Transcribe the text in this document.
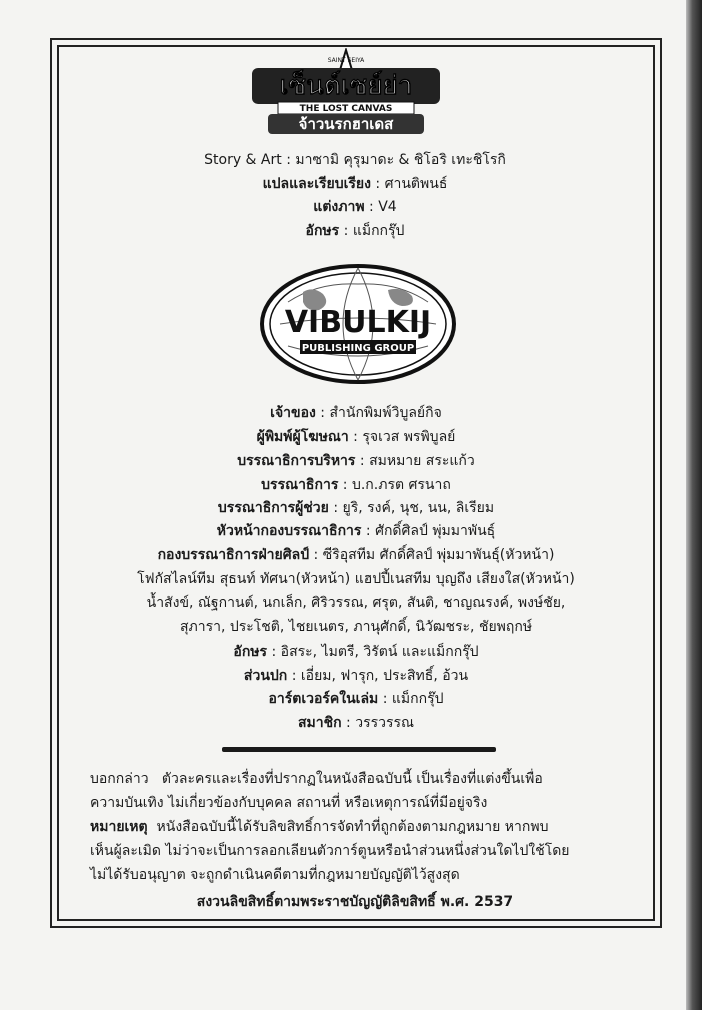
SAINT SEIYA
เซ็นต์เซย์ย่า
THE LOST CANVAS
จ้าวนรกฮาเดส
Story & Art : มาซามิ คุรุมาดะ & ชิโอริ เทะชิโรกิ
แปลและเรียบเรียง : ศานติพนธ์
แต่งภาพ : V4
อักษร : แม็กกรุ๊ป
VIBULKIJ
PUBLISHING GROUP
เจ้าของ : สำนักพิมพ์วิบูลย์กิจ
ผู้พิมพ์ผู้โฆษณา : รุจเวส พรพิบูลย์
บรรณาธิการบริหาร : สมหมาย สระแก้ว
บรรณาธิการ : บ.ก.ภรต ศรนาถ
บรรณาธิการผู้ช่วย : ยูริ, รงค์, นุช, นน, ลิเรียม
หัวหน้ากองบรรณาธิการ : ศักดิ์ศิลป์ พุ่มมาพันธุ์
กองบรรณาธิการฝ่ายศิลป์ : ซีริอุสทีม ศักดิ์ศิลป์ พุ่มมาพันธุ์(หัวหน้า)
โฟกัสไลน์ทีม สุธนท์ ทัศนา(หัวหน้า) แฮปปี้เนสทีม บุญถึง เสียงใส(หัวหน้า)
น้ำสังข์, ณัฐกานต์, นกเล็ก, ศิริวรรณ, ศรุต, สันติ, ชาญณรงค์, พงษ์ชัย,
สุภารา, ประโชติ, ไชยเนตร, ภานุศักดิ์, นิวัฒชระ, ชัยพฤกษ์
อักษร : อิสระ, ไมตรี, วิรัตน์ และแม็กกรุ๊ป
ส่วนปก : เอี่ยม, ฟารุก, ประสิทธิ์, อ้วน
อาร์ตเวอร์คในเล่ม : แม็กกรุ๊ป
สมาชิก : วรรวรรณ
บอกกล่าว ตัวละครและเรื่องที่ปรากฏในหนังสือฉบับนี้ เป็นเรื่องที่แต่งขึ้นเพื่อ
ความบันเทิง ไม่เกี่ยวข้องกับบุคคล สถานที่ หรือเหตุการณ์ที่มีอยู่จริง
หมายเหตุ หนังสือฉบับนี้ได้รับลิขสิทธิ์การจัดทำที่ถูกต้องตามกฎหมาย หากพบ
เห็นผู้ละเมิด ไม่ว่าจะเป็นการลอกเลียนตัวการ์ตูนหรือนำส่วนหนึ่งส่วนใดไปใช้โดย
ไม่ได้รับอนุญาต จะถูกดำเนินคดีตามที่กฎหมายบัญญัติไว้สูงสุด
สงวนลิขสิทธิ์ตามพระราชบัญญัติลิขสิทธิ์ พ.ศ. 2537
